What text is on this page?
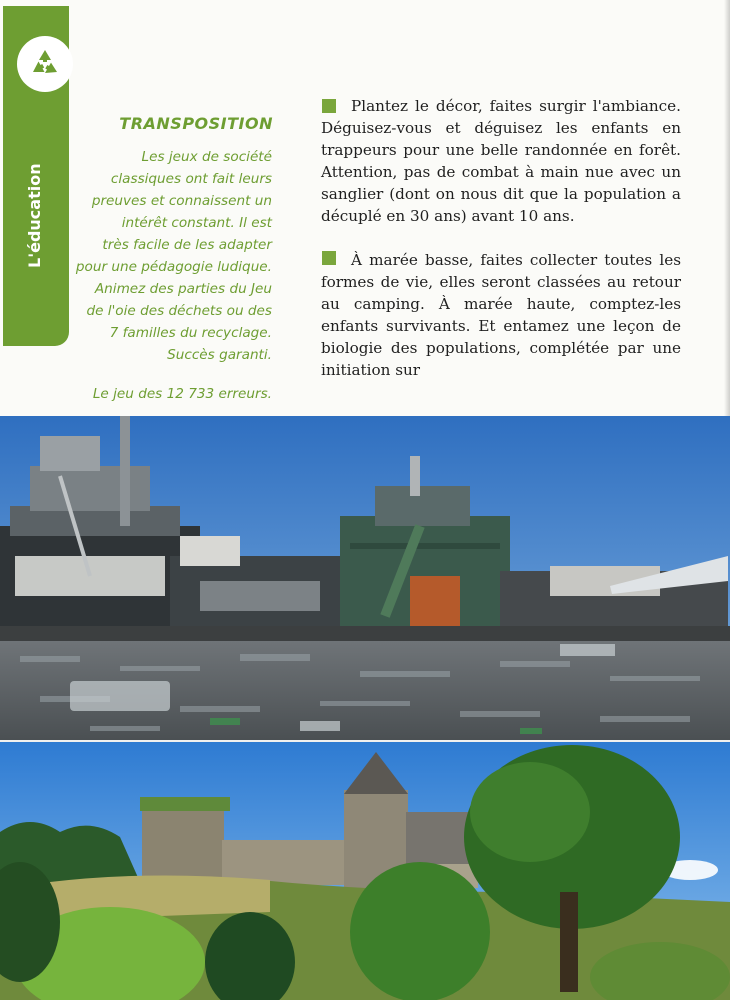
L'éducation
TRANSPOSITION
Les jeux de société
classiques ont fait leurs
preuves et connaissent un
intérêt constant. Il est
très facile de les adapter
pour une pédagogie ludique.
Animez des parties du Jeu
de l'oie des déchets ou des
7 familles du recyclage.
Succès garanti.
Le jeu des 12 733 erreurs.
Plantez le décor, faites surgir l'ambiance. Déguisez-vous et déguisez les enfants en trappeurs pour une belle randonnée en forêt. Attention, pas de combat à main nue avec un sanglier (dont on nous dit que la population a décuplé en 30 ans) avant 10 ans.
À marée basse, faites collecter toutes les formes de vie, elles seront classées au retour au camping. À marée haute, comptez-les enfants survivants. Et entamez une leçon de biologie des populations, complétée par une initiation sur
